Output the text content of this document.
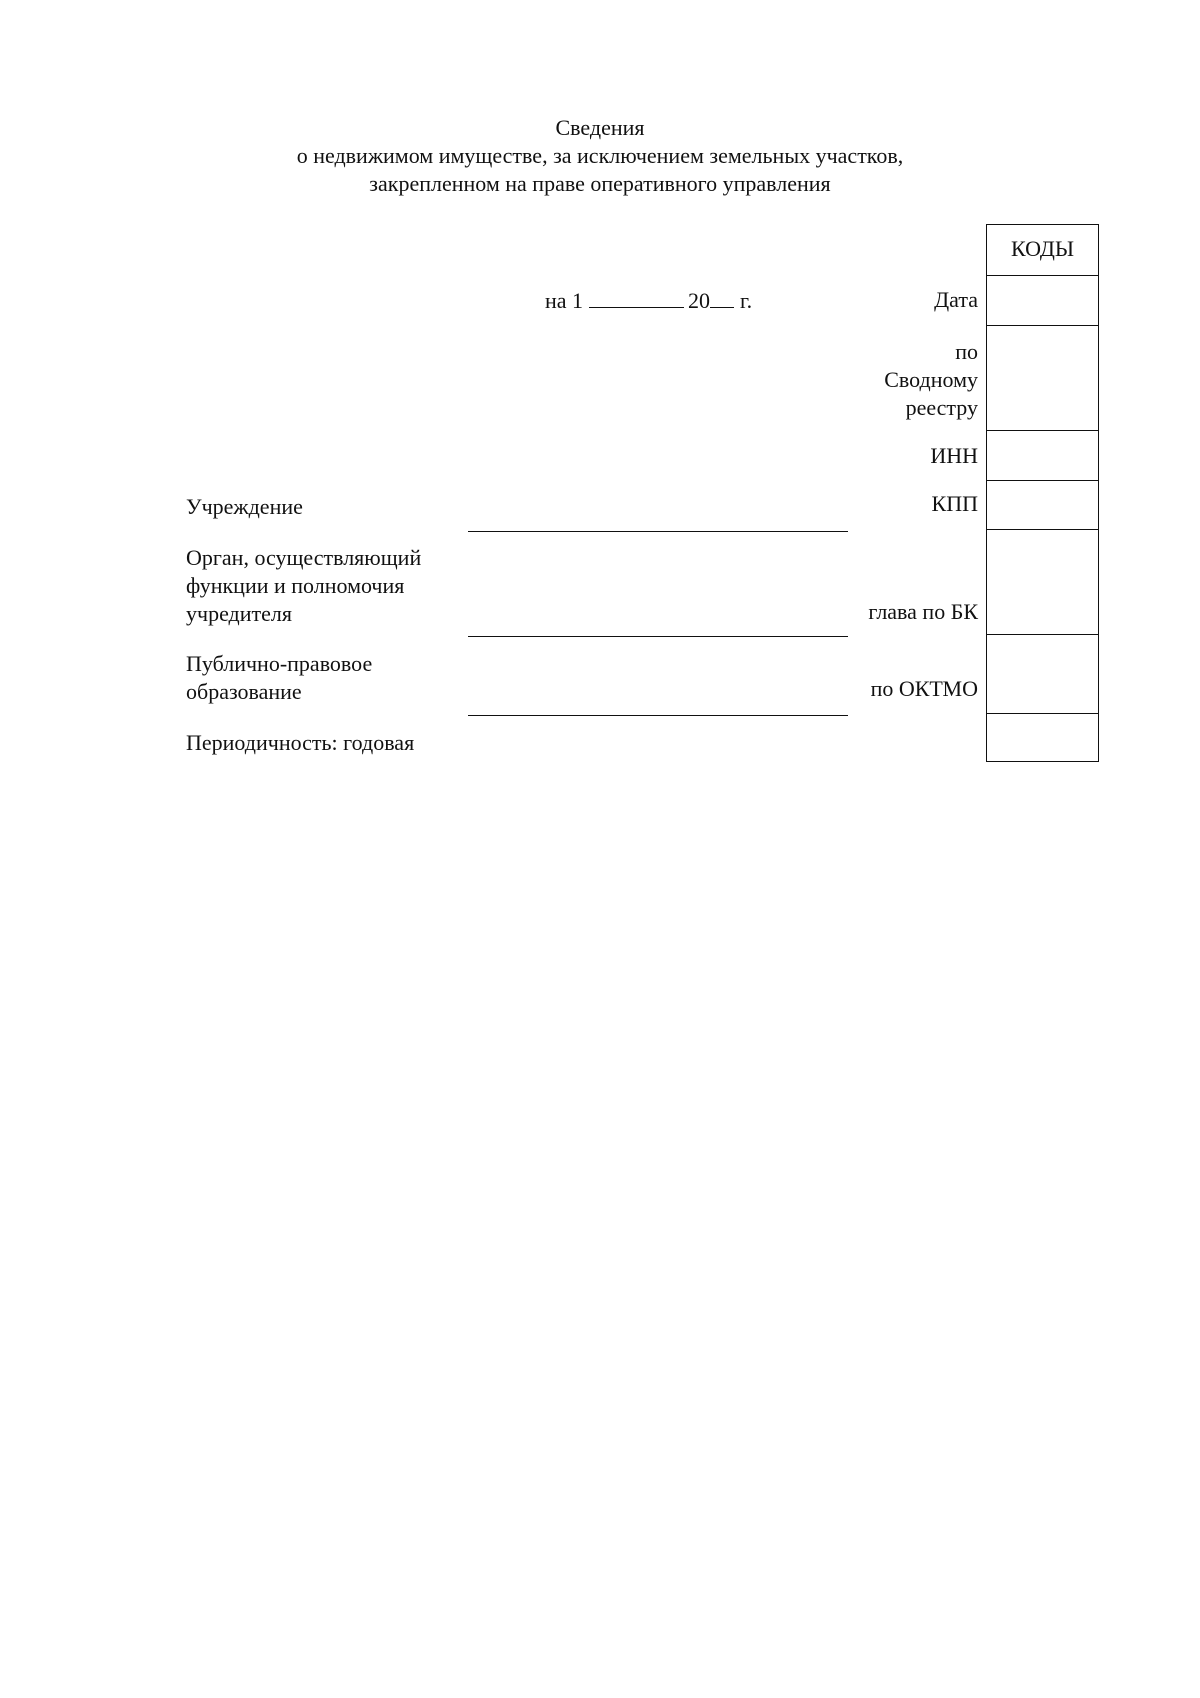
Сведения
о недвижимом имуществе, за исключением земельных участков,
закрепленном на праве оперативного управления
на 1	20 г.
КОДЫ
Дата
по
Сводному
реестру
ИНН
КПП
глава по БК
по ОКТМО
Учреждение
Орган, осуществляющий
функции и полномочия
учредителя
Публично-правовое
образование
Периодичность: годовая
